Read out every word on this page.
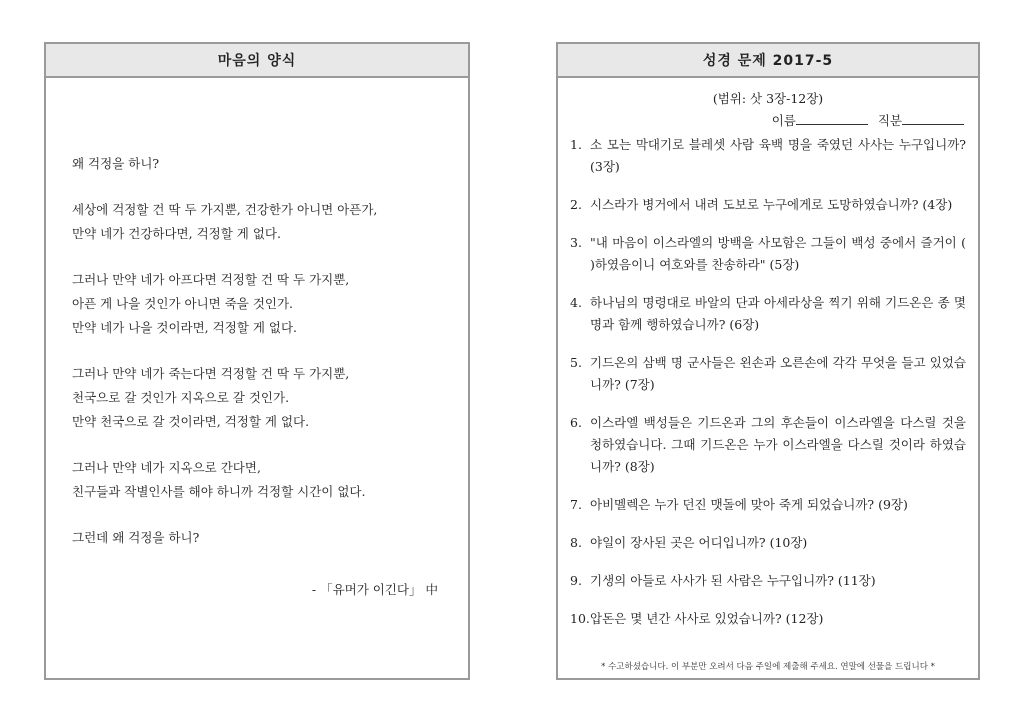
마음의 양식
왜 걱정을 하니?
세상에 걱정할 건 딱 두 가지뿐, 건강한가 아니면 아픈가,
만약 네가 건강하다면, 걱정할 게 없다.
그러나 만약 네가 아프다면 걱정할 건 딱 두 가지뿐,
아픈 게 나을 것인가 아니면 죽을 것인가.
만약 네가 나을 것이라면, 걱정할 게 없다.
그러나 만약 네가 죽는다면 걱정할 건 딱 두 가지뿐,
천국으로 갈 것인가 지옥으로 갈 것인가.
만약 천국으로 갈 것이라면, 걱정할 게 없다.
그러나 만약 네가 지옥으로 간다면,
친구들과 작별인사를 해야 하니까 걱정할 시간이 없다.
그런데 왜 걱정을 하니?
- 「유머가 이긴다」 中
성경 문제 2017-5
(범위: 삿 3장-12장)
이름	직분
1. 소 모는 막대기로 블레셋 사람 육백 명을 죽였던 사사는 누구입니까? (3장)
2. 시스라가 병거에서 내려 도보로 누구에게로 도망하였습니까? (4장)
3. "내 마음이 이스라엘의 방백을 사모함은 그들이 백성 중에서 즐거이 ( )하였음이니 여호와를 찬송하라" (5장)
4. 하나님의 명령대로 바알의 단과 아세라상을 찍기 위해 기드온은 종 몇 명과 함께 행하였습니까? (6장)
5. 기드온의 삼백 명 군사들은 왼손과 오른손에 각각 무엇을 들고 있었습니까? (7장)
6. 이스라엘 백성들은 기드온과 그의 후손들이 이스라엘을 다스릴 것을 청하였습니다. 그때 기드온은 누가 이스라엘을 다스릴 것이라 하였습니까? (8장)
7. 아비멜렉은 누가 던진 맷돌에 맞아 죽게 되었습니까? (9장)
8. 야일이 장사된 곳은 어디입니까? (10장)
9. 기생의 아들로 사사가 된 사람은 누구입니까? (11장)
10. 압돈은 몇 년간 사사로 있었습니까? (12장)
* 수고하셨습니다. 이 부분만 오려서 다음 주일에 제출해 주세요. 연말에 선물을 드립니다 *
